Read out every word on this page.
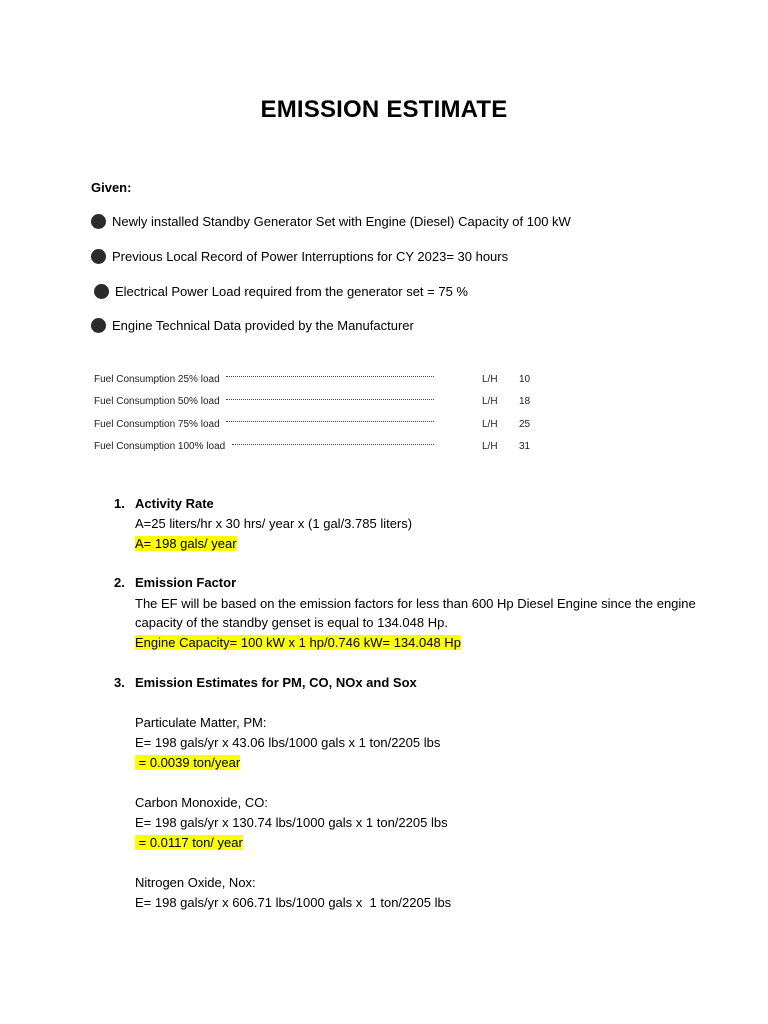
EMISSION ESTIMATE
Given:
Newly installed Standby Generator Set with Engine (Diesel) Capacity of 100 kW
Previous Local Record of Power Interruptions for CY 2023= 30 hours
Electrical Power Load required from the generator set = 75 %
Engine Technical Data provided by the Manufacturer
Fuel Consumption 25% load	L/H 10
Fuel Consumption 50% load	L/H 18
Fuel Consumption 75% load	L/H 25
Fuel Consumption 100% load	L/H 31
1. Activity Rate
A=25 liters/hr x 30 hrs/ year x (1 gal/3.785 liters)
A= 198 gals/ year
2. Emission Factor
The EF will be based on the emission factors for less than 600 Hp Diesel Engine since the engine
capacity of the standby genset is equal to 134.048 Hp.
Engine Capacity= 100 kW x 1 hp/0.746 kW= 134.048 Hp
3. Emission Estimates for PM, CO, NOx and Sox
Particulate Matter, PM:
E= 198 gals/yr x 43.06 lbs/1000 gals x 1 ton/2205 lbs
= 0.0039 ton/year
Carbon Monoxide, CO:
E= 198 gals/yr x 130.74 lbs/1000 gals x 1 ton/2205 lbs
= 0.0117 ton/ year
Nitrogen Oxide, Nox:
E= 198 gals/yr x 606.71 lbs/1000 gals x  1 ton/2205 lbs
